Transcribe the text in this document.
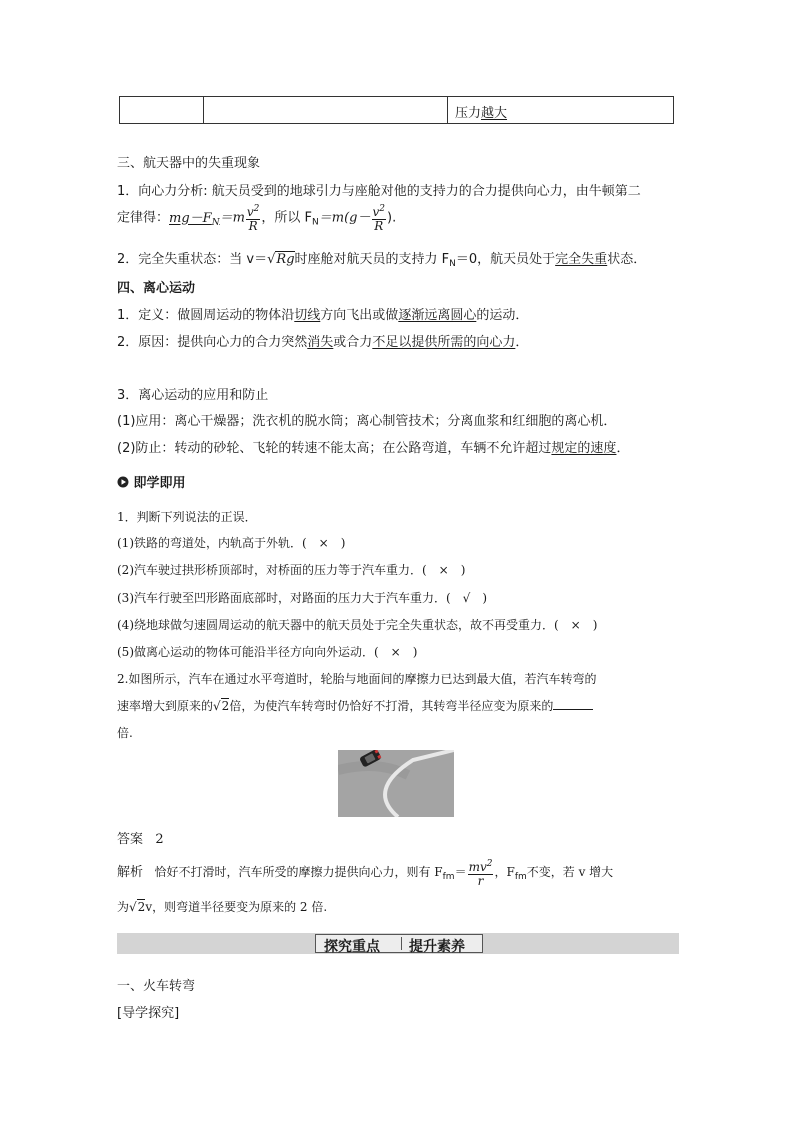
压力越大
三、航天器中的失重现象
1．向心力分析: 航天员受到的地球引力与座舱对他的支持力的合力提供向心力，由牛顿第二
定律得：$mg-F_N=m \frac{v^2}{R}$ ，所以 $F_N=m(g- \frac{v^2}{R}$ ).
2．完全失重状态：当 v＝√Rg时座舱对航天员的支持力 $F_N=0$，航天员处于完全失重状态．
四、离心运动
1．定义：做圆周运动的物体沿切线方向飞出或做逐渐远离圆心的运动．
2．原因：提供向心力的合力突然消失或合力不足以提供所需的向心力．
3．离心运动的应用和防止
(1)应用：离心干燥器；洗衣机的脱水筒；离心制管技术；分离血浆和红细胞的离心机．
(2)防止：转动的砂轮、飞轮的转速不能太高；在公路弯道，车辆不允许超过规定的速度．
即学即用
1．判断下列说法的正误．
(1)铁路的弯道处，内轨高于外轨．(　×　)
(2)汽车驶过拱形桥顶部时，对桥面的压力等于汽车重力．(　×　)
(3)汽车行驶至凹形路面底部时，对路面的压力大于汽车重力．(　√　)
(4)绕地球做匀速圆周运动的航天器中的航天员处于完全失重状态，故不再受重力．(　×　)
(5)做离心运动的物体可能沿半径方向向外运动．(　×　)
2.如图所示，汽车在通过水平弯道时，轮胎与地面间的摩擦力已达到最大值，若汽车转弯的
速率增大到原来的√2倍，为使汽车转弯时仍恰好不打滑，其转弯半径应变为原来的
倍.
答案 2
解析 恰好不打滑时，汽车所受的摩擦力提供向心力，则有 $F_{fm}= \frac{mv^2}{r}$ ，$F_{fm}$不变，若 v 增大
为√2v，则弯道半径要变为原来的 2 倍.
探究重点 提升素养
一、火车转弯
[导学探究]
